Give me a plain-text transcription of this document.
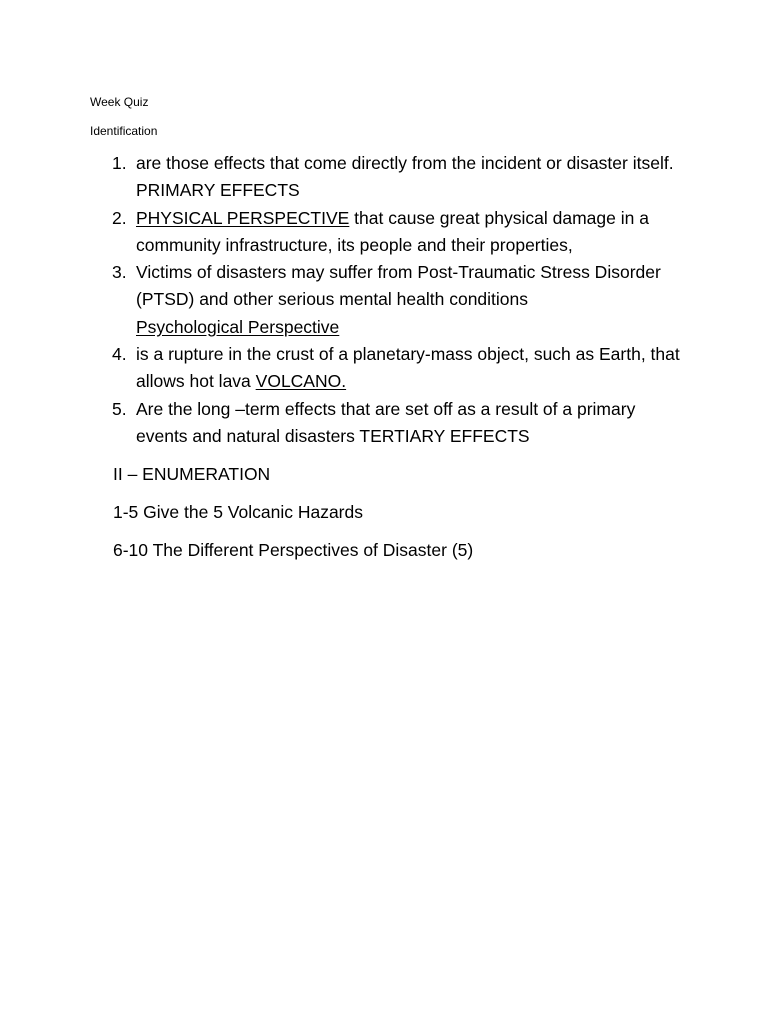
Week Quiz
Identification
1. are those effects that come directly from the incident or disaster itself. PRIMARY EFFECTS
2. PHYSICAL PERSPECTIVE that cause great physical damage in a community infrastructure, its people and their properties,
3. Victims of disasters may suffer from Post-Traumatic Stress Disorder (PTSD) and other serious mental health conditions
Psychological Perspective
4. is a rupture in the crust of a planetary-mass object, such as Earth, that allows hot lava VOLCANO.
5. Are the long –term effects that are set off as a result of a primary events and natural disasters TERTIARY EFFECTS
II – ENUMERATION
1-5 Give the 5 Volcanic Hazards
6-10 The Different Perspectives of Disaster (5)
